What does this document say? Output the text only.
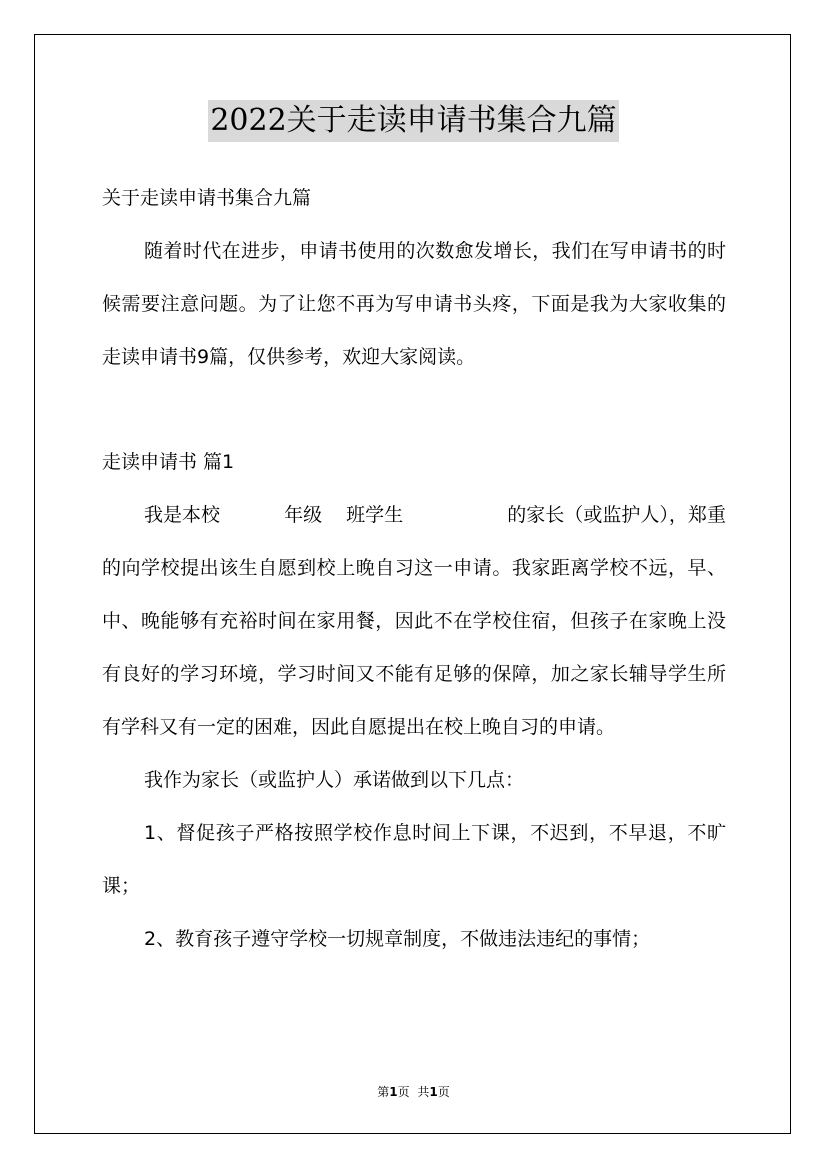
2022关于走读申请书集合九篇

关于走读申请书集合九篇

随着时代在进步，申请书使用的次数愈发增长，我们在写申请书的时候需要注意问题。为了让您不再为写申请书头疼，下面是我为大家收集的走读申请书9篇，仅供参考，欢迎大家阅读。

走读申请书 篇1

我是本校	年级 班学生	的家长（或监护人），郑重的向学校提出该生自愿到校上晚自习这一申请。我家距离学校不远，早、中、晚能够有充裕时间在家用餐，因此不在学校住宿，但孩子在家晚上没有良好的学习环境，学习时间又不能有足够的保障，加之家长辅导学生所有学科又有一定的困难，因此自愿提出在校上晚自习的申请。

我作为家长（或监护人）承诺做到以下几点：

1、督促孩子严格按照学校作息时间上下课，不迟到，不早退，不旷课；

2、教育孩子遵守学校一切规章制度，不做违法违纪的事情；

第1页 共1页
